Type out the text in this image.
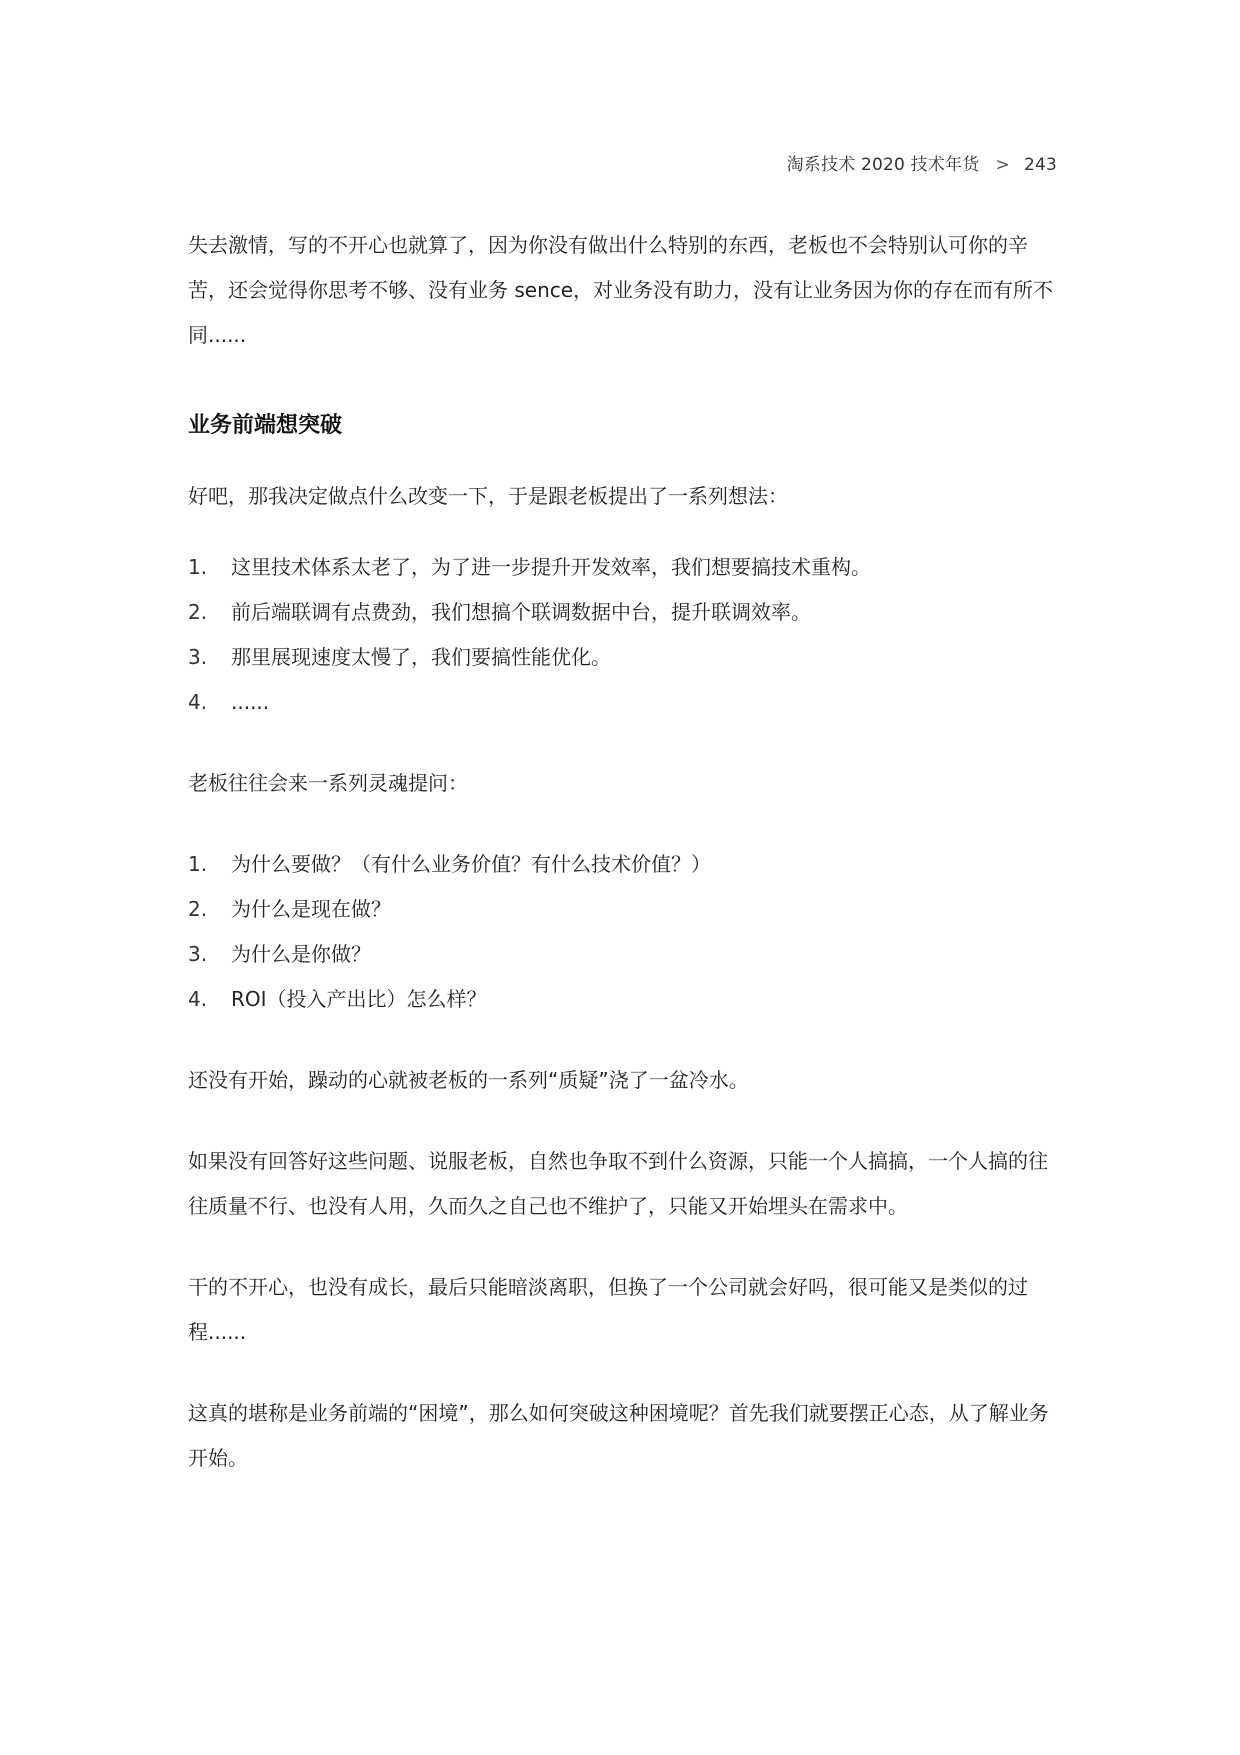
淘系技术 2020 技术年货 > 243

失去激情，写的不开心也就算了，因为你没有做出什么特别的东西，老板也不会特别认可你的辛苦，还会觉得你思考不够、没有业务 sence，对业务没有助力，没有让业务因为你的存在而有所不同......

业务前端想突破

好吧，那我决定做点什么改变一下，于是跟老板提出了一系列想法：

1.	这里技术体系太老了，为了进一步提升开发效率，我们想要搞技术重构。
2.	前后端联调有点费劲，我们想搞个联调数据中台，提升联调效率。
3.	那里展现速度太慢了，我们要搞性能优化。
4.	......

老板往往会来一系列灵魂提问：

1.	为什么要做？（有什么业务价值？有什么技术价值？）
2.	为什么是现在做？
3.	为什么是你做？
4.	ROI（投入产出比）怎么样？

还没有开始，躁动的心就被老板的一系列“质疑”浇了一盆冷水。

如果没有回答好这些问题、说服老板，自然也争取不到什么资源，只能一个人搞搞，一个人搞的往往质量不行、也没有人用，久而久之自己也不维护了，只能又开始埋头在需求中。

干的不开心，也没有成长，最后只能暗淡离职，但换了一个公司就会好吗，很可能又是类似的过程......

这真的堪称是业务前端的“困境”，那么如何突破这种困境呢？首先我们就要摆正心态，从了解业务开始。
